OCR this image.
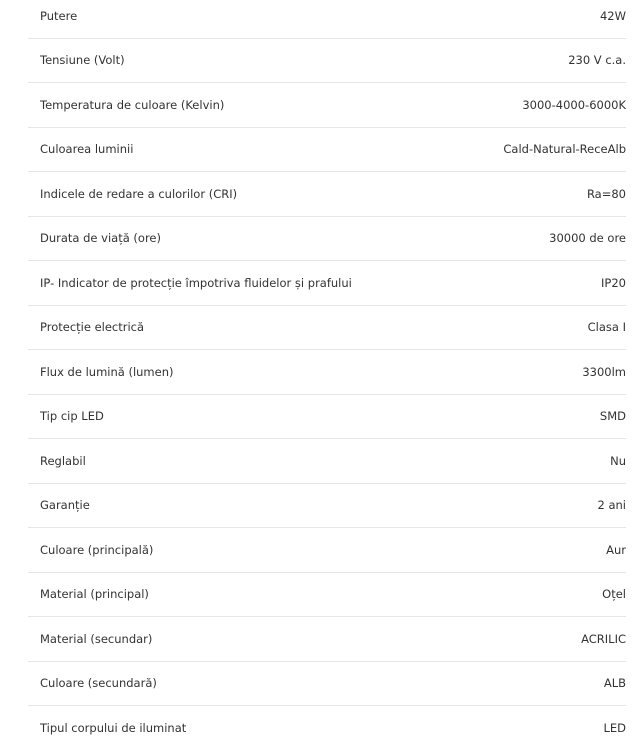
Putere	42W
Tensiune (Volt)	230 V c.a.
Temperatura de culoare (Kelvin)	3000-4000-6000K
Culoarea luminii	Cald-Natural-ReceAlb
Indicele de redare a culorilor (CRI)	Ra=80
Durata de viață (ore)	30000 de ore
IP- Indicator de protecție împotriva fluidelor și prafului	IP20
Protecție electrică	Clasa I
Flux de lumină (lumen)	3300lm
Tip cip LED	SMD
Reglabil	Nu
Garanție	2 ani
Culoare (principală)	Aur
Material (principal)	Oțel
Material (secundar)	ACRILIC
Culoare (secundară)	ALB
Tipul corpului de iluminat	LED
